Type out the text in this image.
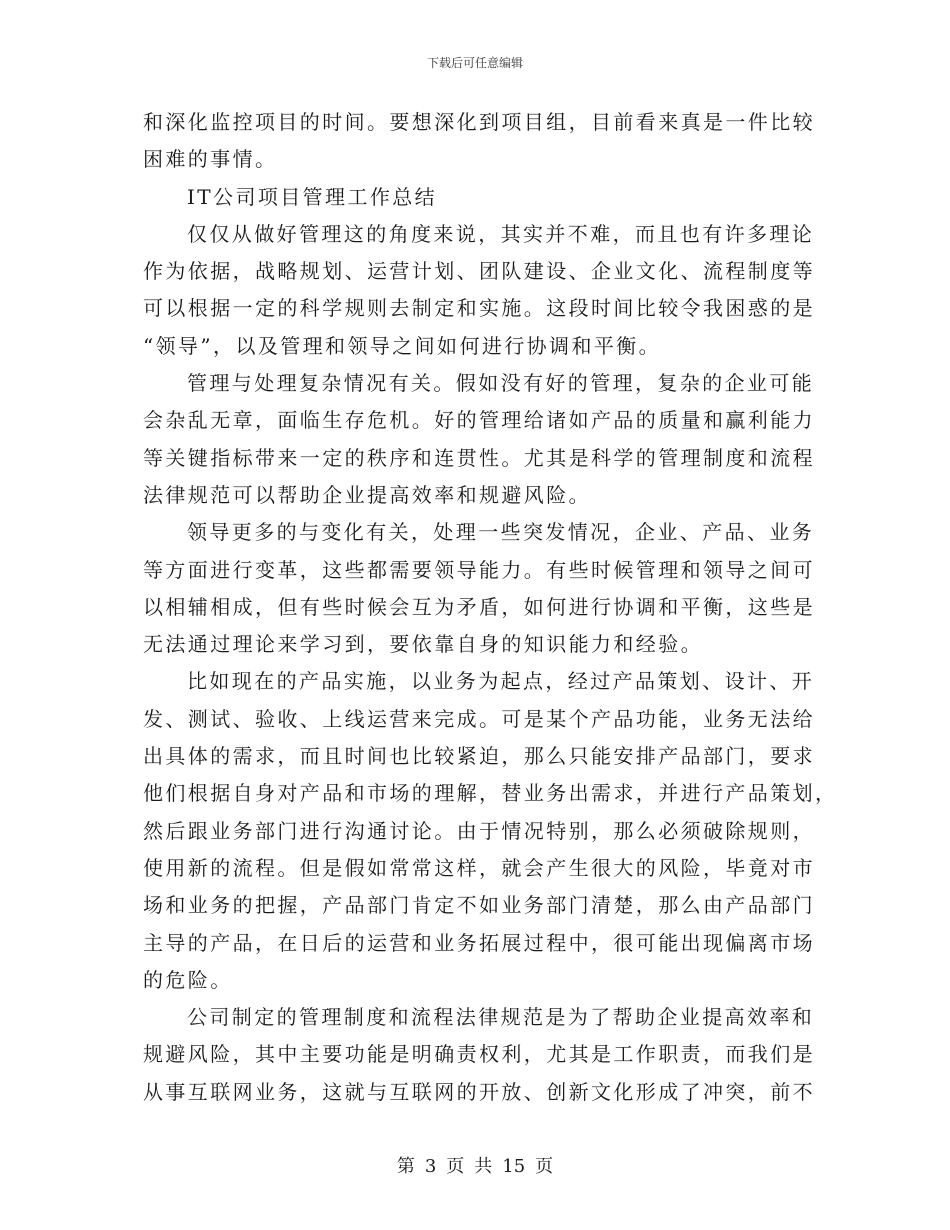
下载后可任意编辑

和深化监控项目的时间。要想深化到项目组，目前看来真是一件比较
困难的事情。

IT公司项目管理工作总结

仅仅从做好管理这的角度来说，其实并不难，而且也有许多理论
作为依据，战略规划、运营计划、团队建设、企业文化、流程制度等
可以根据一定的科学规则去制定和实施。这段时间比较令我困惑的是
“领导”，以及管理和领导之间如何进行协调和平衡。

管理与处理复杂情况有关。假如没有好的管理，复杂的企业可能
会杂乱无章，面临生存危机。好的管理给诸如产品的质量和赢利能力
等关键指标带来一定的秩序和连贯性。尤其是科学的管理制度和流程
法律规范可以帮助企业提高效率和规避风险。

领导更多的与变化有关，处理一些突发情况，企业、产品、业务
等方面进行变革，这些都需要领导能力。有些时候管理和领导之间可
以相辅相成，但有些时候会互为矛盾，如何进行协调和平衡，这些是
无法通过理论来学习到，要依靠自身的知识能力和经验。

比如现在的产品实施，以业务为起点，经过产品策划、设计、开
发、测试、验收、上线运营来完成。可是某个产品功能，业务无法给
出具体的需求，而且时间也比较紧迫，那么只能安排产品部门，要求
他们根据自身对产品和市场的理解，替业务出需求，并进行产品策划，
然后跟业务部门进行沟通讨论。由于情况特别，那么必须破除规则，
使用新的流程。但是假如常常这样，就会产生很大的风险，毕竟对市
场和业务的把握，产品部门肯定不如业务部门清楚，那么由产品部门
主导的产品，在日后的运营和业务拓展过程中，很可能出现偏离市场
的危险。

公司制定的管理制度和流程法律规范是为了帮助企业提高效率和
规避风险，其中主要功能是明确责权利，尤其是工作职责，而我们是
从事互联网业务，这就与互联网的开放、创新文化形成了冲突，前不

第 3 页 共 15 页
